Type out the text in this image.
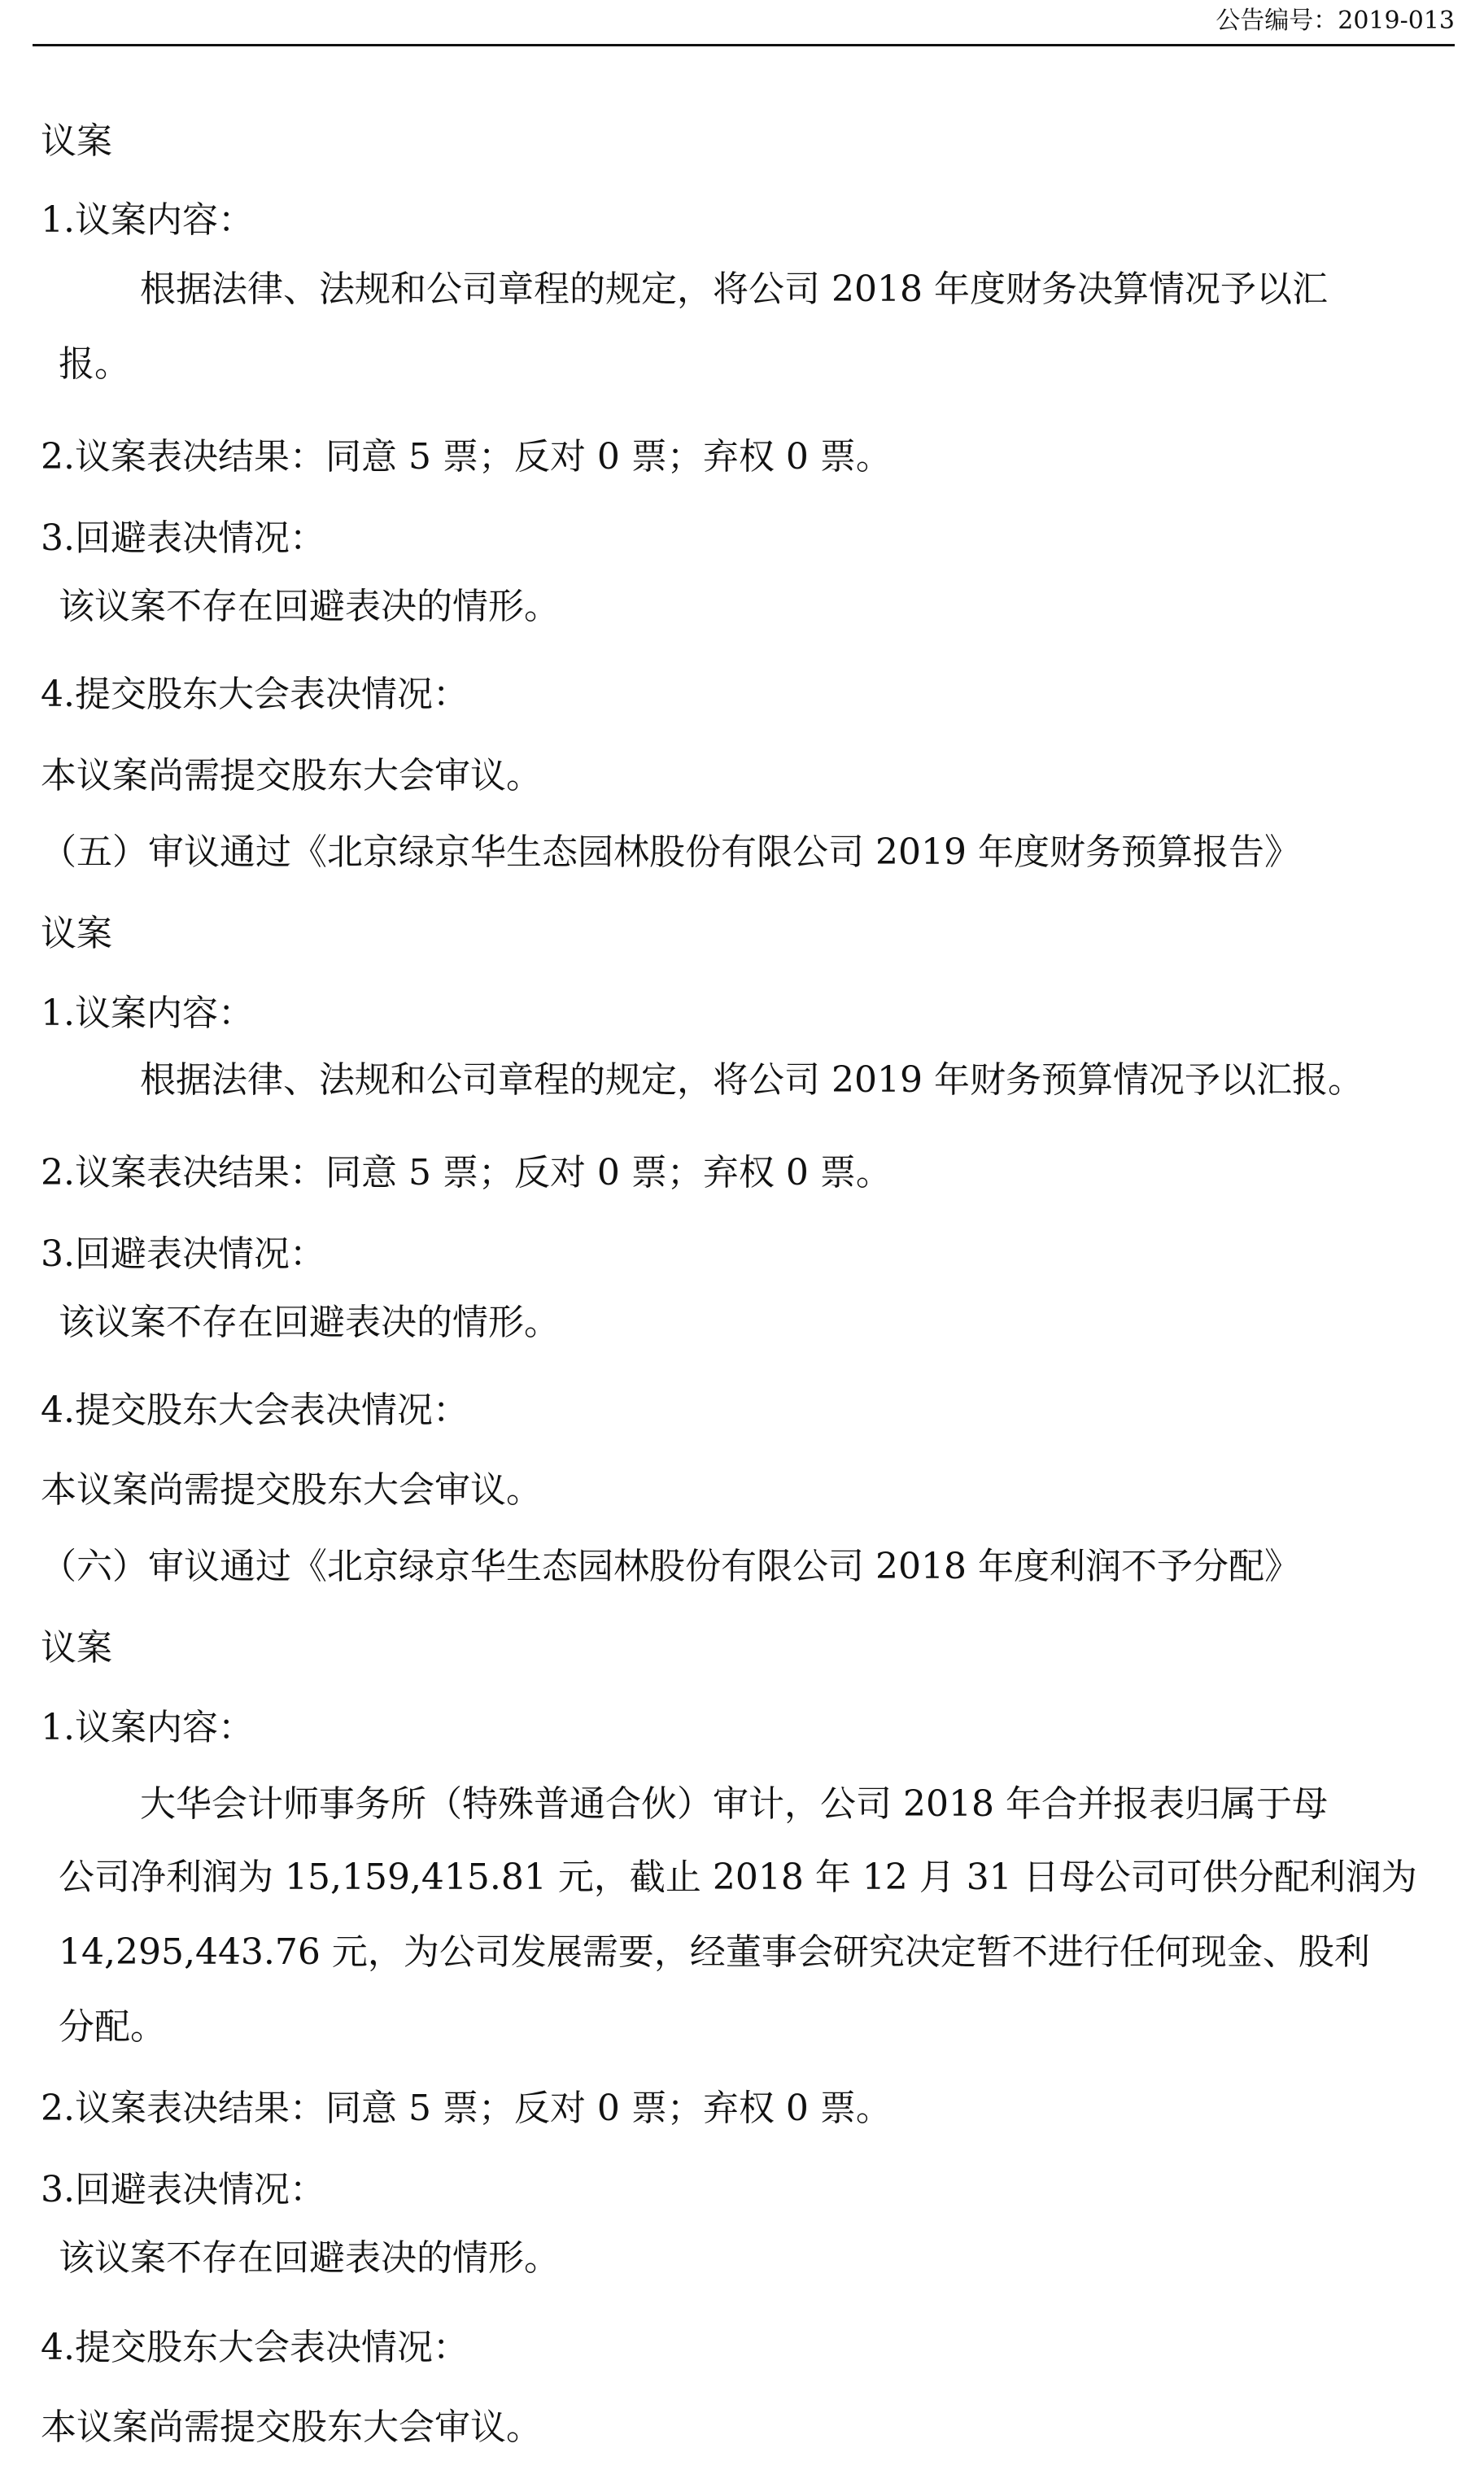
公告编号：2019-013
议案
1.议案内容：
根据法律、法规和公司章程的规定，将公司 2018 年度财务决算情况予以汇
报。
2.议案表决结果：同意 5 票；反对 0 票；弃权 0 票。
3.回避表决情况：
该议案不存在回避表决的情形。
4.提交股东大会表决情况：
本议案尚需提交股东大会审议。
（五）审议通过《北京绿京华生态园林股份有限公司 2019 年度财务预算报告》
议案
1.议案内容：
根据法律、法规和公司章程的规定，将公司 2019 年财务预算情况予以汇报。
2.议案表决结果：同意 5 票；反对 0 票；弃权 0 票。
3.回避表决情况：
该议案不存在回避表决的情形。
4.提交股东大会表决情况：
本议案尚需提交股东大会审议。
（六）审议通过《北京绿京华生态园林股份有限公司 2018 年度利润不予分配》
议案
1.议案内容：
大华会计师事务所（特殊普通合伙）审计，公司 2018 年合并报表归属于母
公司净利润为 15,159,415.81 元，截止 2018 年 12 月 31 日母公司可供分配利润为
14,295,443.76 元，为公司发展需要，经董事会研究决定暂不进行任何现金、股利
分配。
2.议案表决结果：同意 5 票；反对 0 票；弃权 0 票。
3.回避表决情况：
该议案不存在回避表决的情形。
4.提交股东大会表决情况：
本议案尚需提交股东大会审议。
